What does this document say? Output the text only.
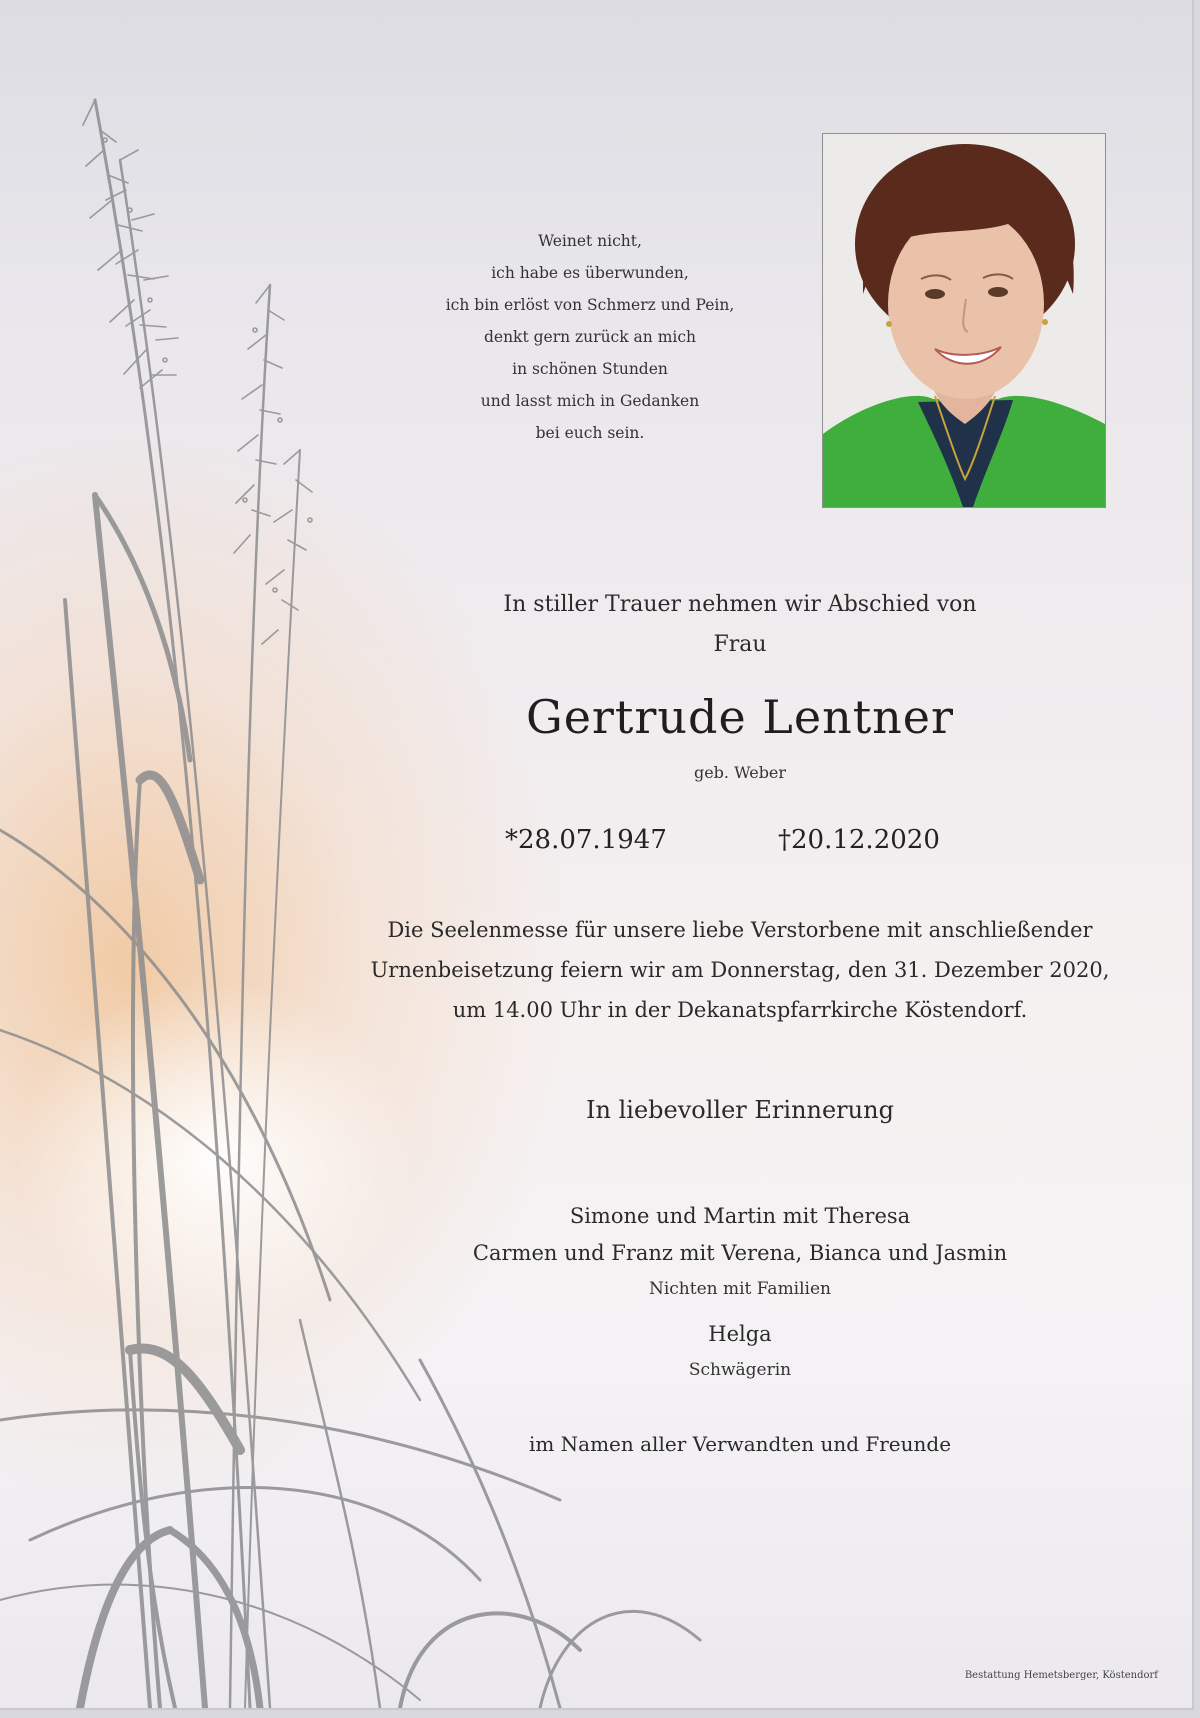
Weinet nicht,
ich habe es überwunden,
ich bin erlöst von Schmerz und Pein,
denkt gern zurück an mich
in schönen Stunden
und lasst mich in Gedanken
bei euch sein.
In stiller Trauer nehmen wir Abschied von
Frau
Gertrude Lentner
geb. Weber
*28.07.1947	†20.12.2020
Die Seelenmesse für unsere liebe Verstorbene mit anschließender
Urnenbeisetzung feiern wir am Donnerstag, den 31. Dezember 2020,
um 14.00 Uhr in der Dekanatspfarrkirche Köstendorf.
In liebevoller Erinnerung
Simone und Martin mit Theresa
Carmen und Franz mit Verena, Bianca und Jasmin
Nichten mit Familien
Helga
Schwägerin
im Namen aller Verwandten und Freunde
Bestattung Hemetsberger, Köstendorf
